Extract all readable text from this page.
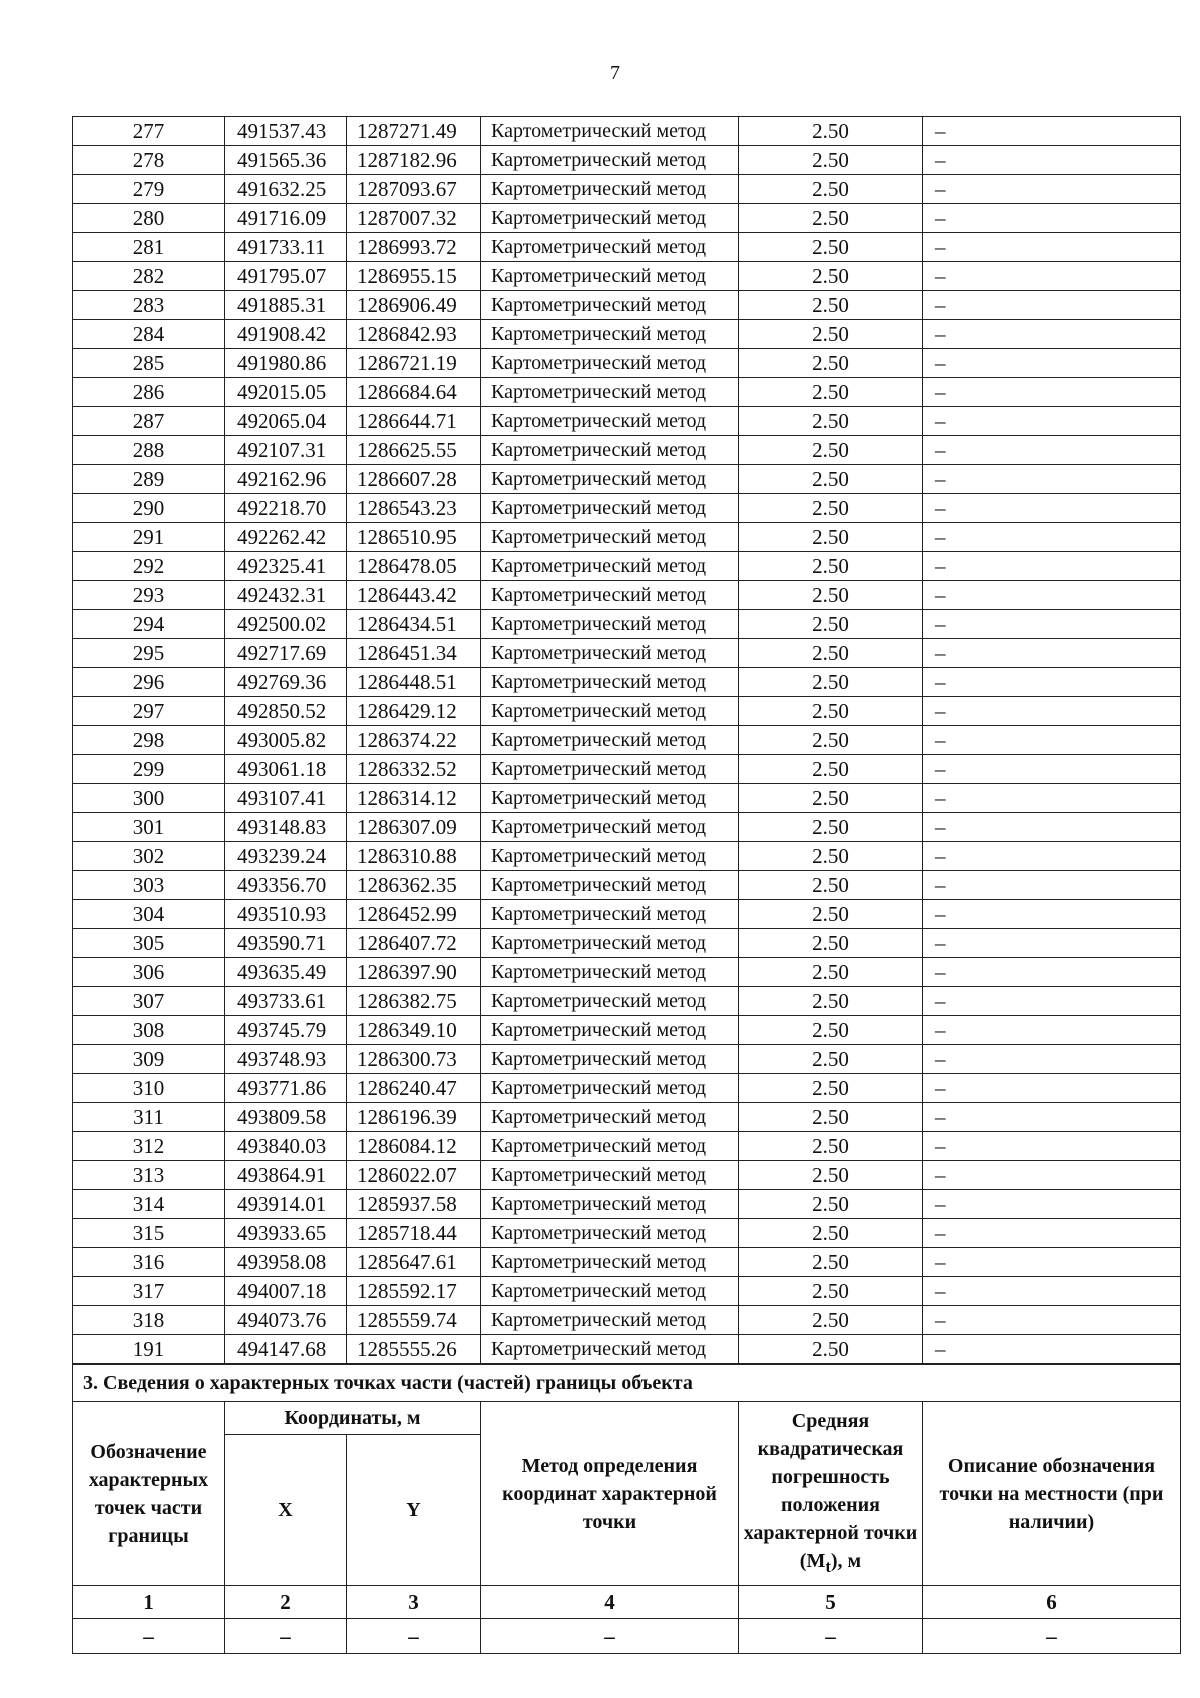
7
277	491537.43	1287271.49	Картометрический метод	2.50	–
278	491565.36	1287182.96	Картометрический метод	2.50	–
279	491632.25	1287093.67	Картометрический метод	2.50	–
280	491716.09	1287007.32	Картометрический метод	2.50	–
281	491733.11	1286993.72	Картометрический метод	2.50	–
282	491795.07	1286955.15	Картометрический метод	2.50	–
283	491885.31	1286906.49	Картометрический метод	2.50	–
284	491908.42	1286842.93	Картометрический метод	2.50	–
285	491980.86	1286721.19	Картометрический метод	2.50	–
286	492015.05	1286684.64	Картометрический метод	2.50	–
287	492065.04	1286644.71	Картометрический метод	2.50	–
288	492107.31	1286625.55	Картометрический метод	2.50	–
289	492162.96	1286607.28	Картометрический метод	2.50	–
290	492218.70	1286543.23	Картометрический метод	2.50	–
291	492262.42	1286510.95	Картометрический метод	2.50	–
292	492325.41	1286478.05	Картометрический метод	2.50	–
293	492432.31	1286443.42	Картометрический метод	2.50	–
294	492500.02	1286434.51	Картометрический метод	2.50	–
295	492717.69	1286451.34	Картометрический метод	2.50	–
296	492769.36	1286448.51	Картометрический метод	2.50	–
297	492850.52	1286429.12	Картометрический метод	2.50	–
298	493005.82	1286374.22	Картометрический метод	2.50	–
299	493061.18	1286332.52	Картометрический метод	2.50	–
300	493107.41	1286314.12	Картометрический метод	2.50	–
301	493148.83	1286307.09	Картометрический метод	2.50	–
302	493239.24	1286310.88	Картометрический метод	2.50	–
303	493356.70	1286362.35	Картометрический метод	2.50	–
304	493510.93	1286452.99	Картометрический метод	2.50	–
305	493590.71	1286407.72	Картометрический метод	2.50	–
306	493635.49	1286397.90	Картометрический метод	2.50	–
307	493733.61	1286382.75	Картометрический метод	2.50	–
308	493745.79	1286349.10	Картометрический метод	2.50	–
309	493748.93	1286300.73	Картометрический метод	2.50	–
310	493771.86	1286240.47	Картометрический метод	2.50	–
311	493809.58	1286196.39	Картометрический метод	2.50	–
312	493840.03	1286084.12	Картометрический метод	2.50	–
313	493864.91	1286022.07	Картометрический метод	2.50	–
314	493914.01	1285937.58	Картометрический метод	2.50	–
315	493933.65	1285718.44	Картометрический метод	2.50	–
316	493958.08	1285647.61	Картометрический метод	2.50	–
317	494007.18	1285592.17	Картометрический метод	2.50	–
318	494073.76	1285559.74	Картометрический метод	2.50	–
191	494147.68	1285555.26	Картометрический метод	2.50	–
3. Сведения о характерных точках части (частей) границы объекта					
Обозначение характерных точек части границы	Координаты, м		Метод определения координат характерной точки	Средняя квадратическая погрешность положения характерной точки $(M_t)$, м	Описание обозначения точки на местности (при наличии)
	X	Y			
1	2	3	4	5	6
–	–	–	–	–	–
